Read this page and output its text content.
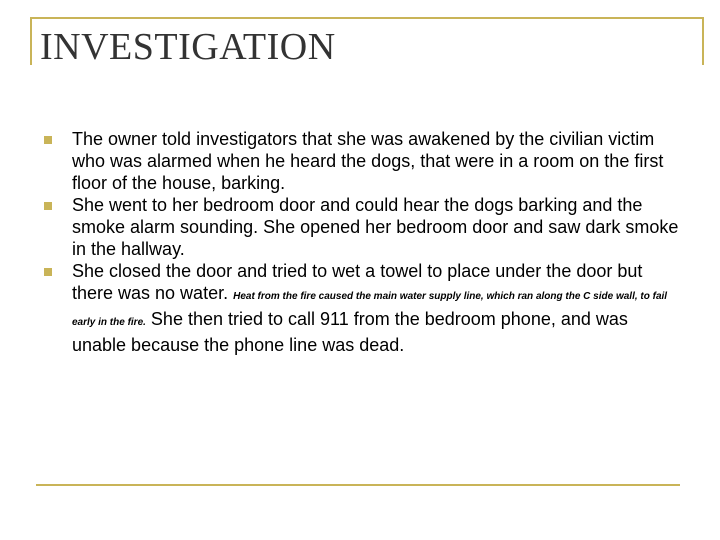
INVESTIGATION
The owner told investigators that she was awakened by the civilian victim who was alarmed when he heard the dogs, that were in a room on the first floor of the house, barking.
She went to her bedroom door and could hear the dogs barking and the smoke alarm sounding. She opened her bedroom door and saw dark smoke in the hallway.
She closed the door and tried to wet a towel to place under the door but there was no water. Heat from the fire caused the main water supply line, which ran along the C side wall, to fail early in the fire. She then tried to call 911 from the bedroom phone, and was unable because the phone line was dead.
